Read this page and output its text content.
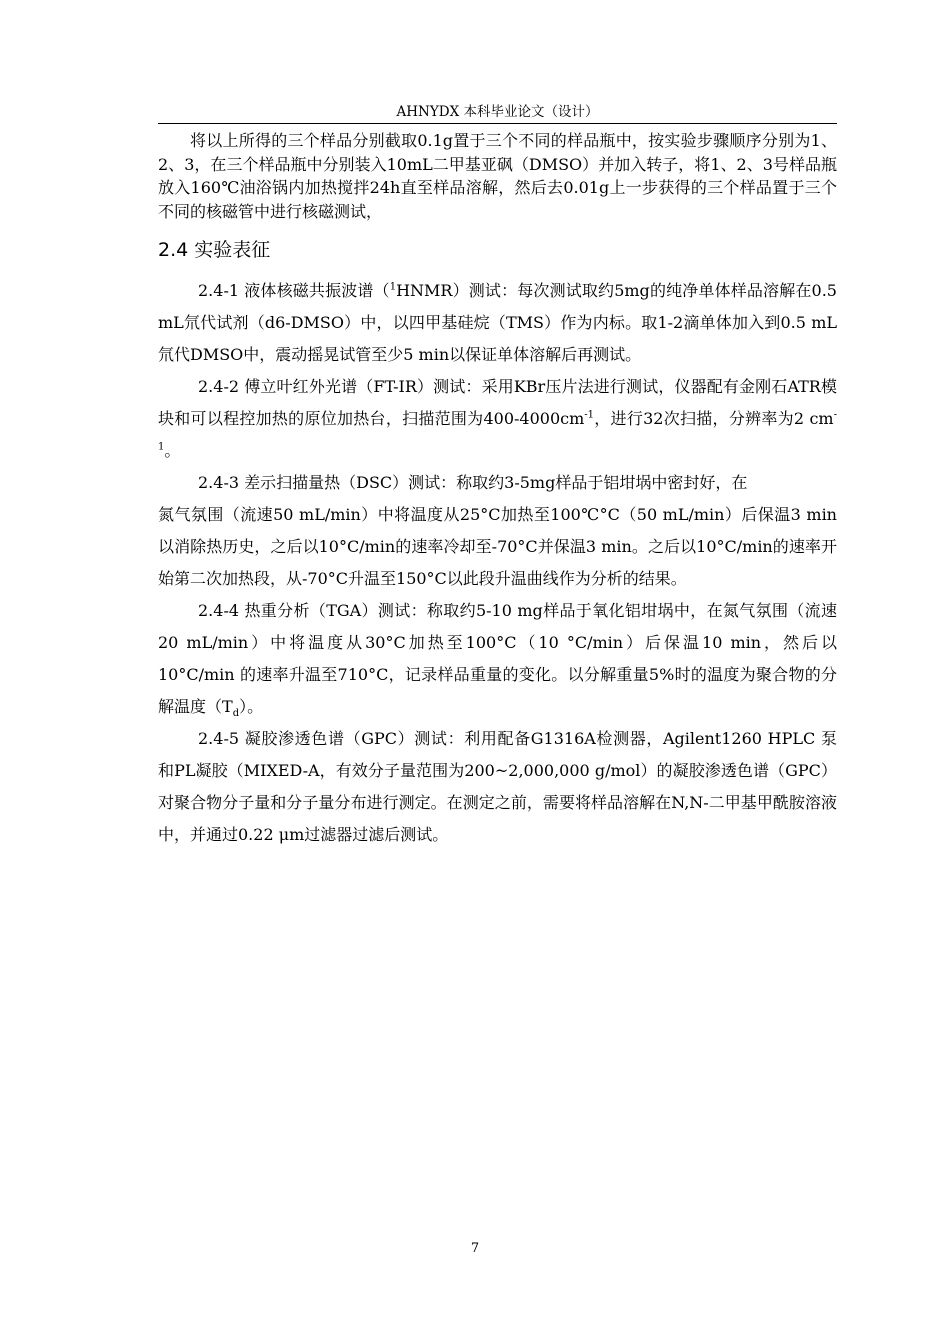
AHNYDX 本科毕业论文（设计）

将以上所得的三个样品分别截取0.1g置于三个不同的样品瓶中，按实验步骤顺序分别为1、2、3，在三个样品瓶中分别装入10mL二甲基亚砜（DMSO）并加入转子，将1、2、3号样品瓶放入160℃油浴锅内加热搅拌24h直至样品溶解，然后去0.01g上一步获得的三个样品置于三个不同的核磁管中进行核磁测试，

2.4 实验表征

2.4-1 液体核磁共振波谱（$^1$HNMR）测试：每次测试取约5mg的纯净单体样品溶解在0.5 mL氘代试剂（d6-DMSO）中，以四甲基硅烷（TMS）作为内标。取1-2滴单体加入到0.5 mL氘代DMSO中，震动摇晃试管至少5 min以保证单体溶解后再测试。

2.4-2 傅立叶红外光谱（FT-IR）测试：采用KBr压片法进行测试，仪器配有金刚石ATR模块和可以程控加热的原位加热台，扫描范围为$400-4000cm^{-1}$，进行32次扫描，分辨率为2 $cm^{-1}$。

2.4-3 差示扫描量热（DSC）测试：称取约3-5mg样品于铝坩埚中密封好，在

氮气氛围（流速50 mL/min）中将温度从25°C加热至100℃°C（50 mL/min）后保温3 min以消除热历史，之后以10°C/min的速率冷却至-70°C并保温3 min。之后以10°C/min的速率开始第二次加热段，从-70°C升温至150°C以此段升温曲线作为分析的结果。

2.4-4 热重分析（TGA）测试：称取约5-10 mg样品于氧化铝坩埚中，在氮气氛围（流速20 mL/min）中将温度从30°C加热至100°C（10 °C/min）后保温10 min，然后以10°C/min 的速率升温至710°C，记录样品重量的变化。以分解重量5%时的温度为聚合物的分解温度$(T_d)$。

2.4-5 凝胶渗透色谱（GPC）测试：利用配备G1316A检测器，Agilent1260 HPLC 泵和PL凝胶（MIXED-A，有效分子量范围为200~2,000,000 g/mol）的凝胶渗透色谱（GPC）对聚合物分子量和分子量分布进行测定。在测定之前，需要将样品溶解在N,N-二甲基甲酰胺溶液中，并通过0.22 μm过滤器过滤后测试。

7
